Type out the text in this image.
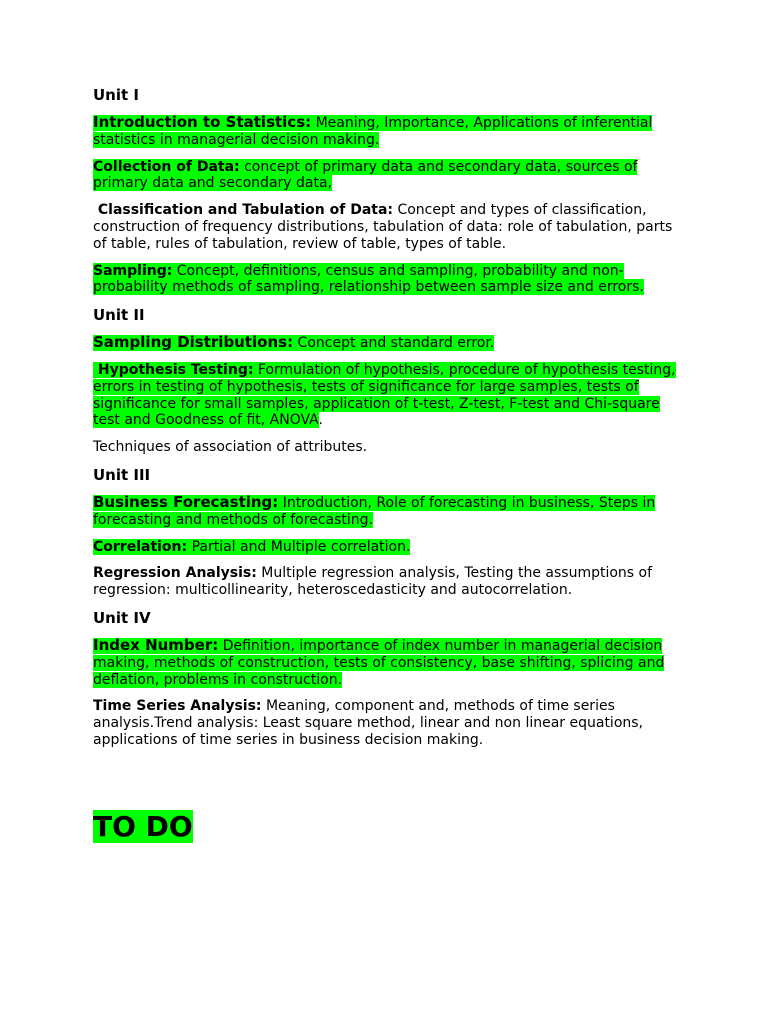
Unit I
Introduction to Statistics: Meaning, Importance, Applications of inferential statistics in managerial decision making.
Collection of Data: concept of primary data and secondary data, sources of primary data and secondary data,
Classification and Tabulation of Data: Concept and types of classification, construction of frequency distributions, tabulation of data: role of tabulation, parts of table, rules of tabulation, review of table, types of table.
Sampling: Concept, definitions, census and sampling, probability and non-probability methods of sampling, relationship between sample size and errors.
Unit II
Sampling Distributions: Concept and standard error.
Hypothesis Testing: Formulation of hypothesis, procedure of hypothesis testing, errors in testing of hypothesis, tests of significance for large samples, tests of significance for small samples, application of t-test, Z-test, F-test and Chi-square test and Goodness of fit, ANOVA.
Techniques of association of attributes.
Unit III
Business Forecasting: Introduction, Role of forecasting in business, Steps in forecasting and methods of forecasting.
Correlation: Partial and Multiple correlation.
Regression Analysis: Multiple regression analysis, Testing the assumptions of regression: multicollinearity, heteroscedasticity and autocorrelation.
Unit IV
Index Number: Definition, importance of index number in managerial decision making, methods of construction, tests of consistency, base shifting, splicing and deflation, problems in construction.
Time Series Analysis: Meaning, component and, methods of time series analysis.Trend analysis: Least square method, linear and non linear equations, applications of time series in business decision making.
TO DO
